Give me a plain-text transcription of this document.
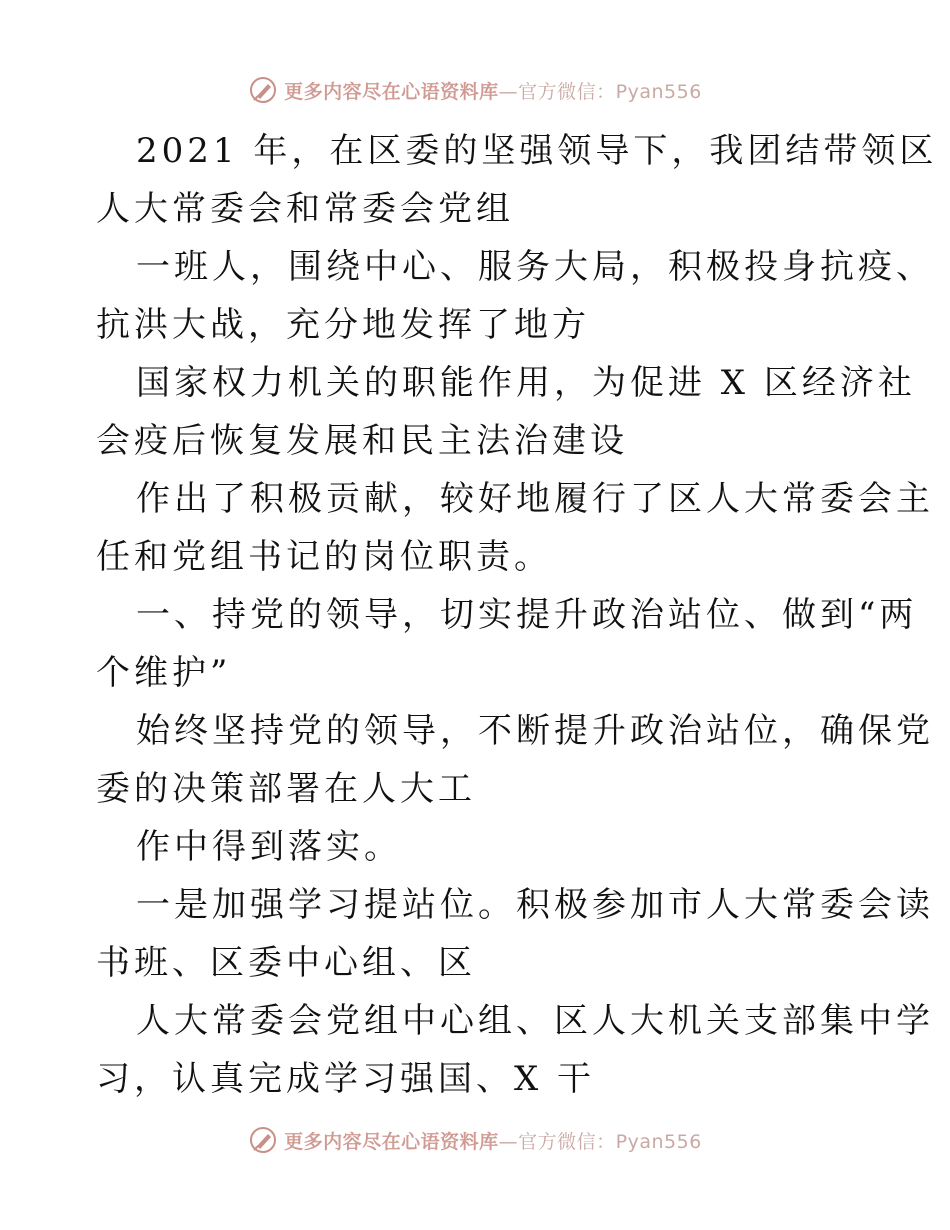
更多内容尽在心语资料库—官方微信：Pyan556
2021 年，在区委的坚强领导下，我团结带领区
人大常委会和常委会党组
一班人，围绕中心、服务大局，积极投身抗疫、
抗洪大战，充分地发挥了地方
国家权力机关的职能作用，为促进 X 区经济社
会疫后恢复发展和民主法治建设
作出了积极贡献，较好地履行了区人大常委会主
任和党组书记的岗位职责。
一、持党的领导，切实提升政治站位、做到“两
个维护”
始终坚持党的领导，不断提升政治站位，确保党
委的决策部署在人大工
作中得到落实。
一是加强学习提站位。积极参加市人大常委会读
书班、区委中心组、区
人大常委会党组中心组、区人大机关支部集中学
习，认真完成学习强国、X 干
更多内容尽在心语资料库—官方微信：Pyan556
